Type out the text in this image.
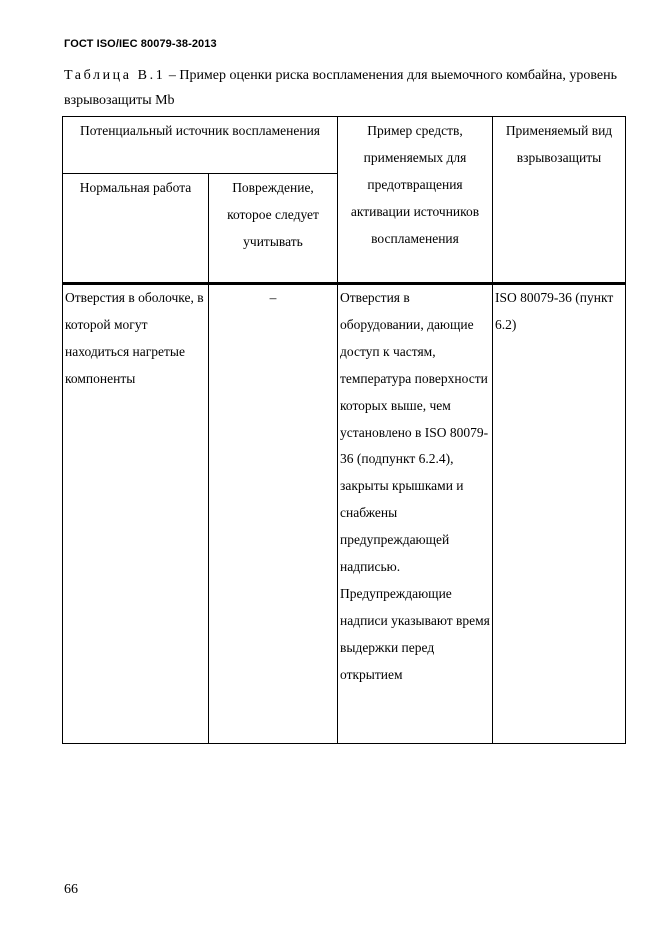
ГОСТ ISO/IEC 80079-38-2013
Таблица В.1 – Пример оценки риска воспламенения для выемочного комбайна, уровень взрывозащиты Mb
Потенциальный источник воспламенения		Пример средств, применяемых для предотвращения активации источников воспламенения	Применяемый вид взрывозащиты

Нормальная работа	Повреждение, которое следует учитывать		

Отверстия в оболочке, в которой могут находиться нагретые компоненты	–	Отверстия в оборудовании, дающие доступ к частям, температура поверхности которых выше, чем установлено в ISO 80079-36 (подпункт 6.2.4), закрыты крышками и снабжены предупреждающей надписью. Предупреждающие надписи указывают время выдержки перед открытием	ISO 80079-36 (пункт 6.2)
66
